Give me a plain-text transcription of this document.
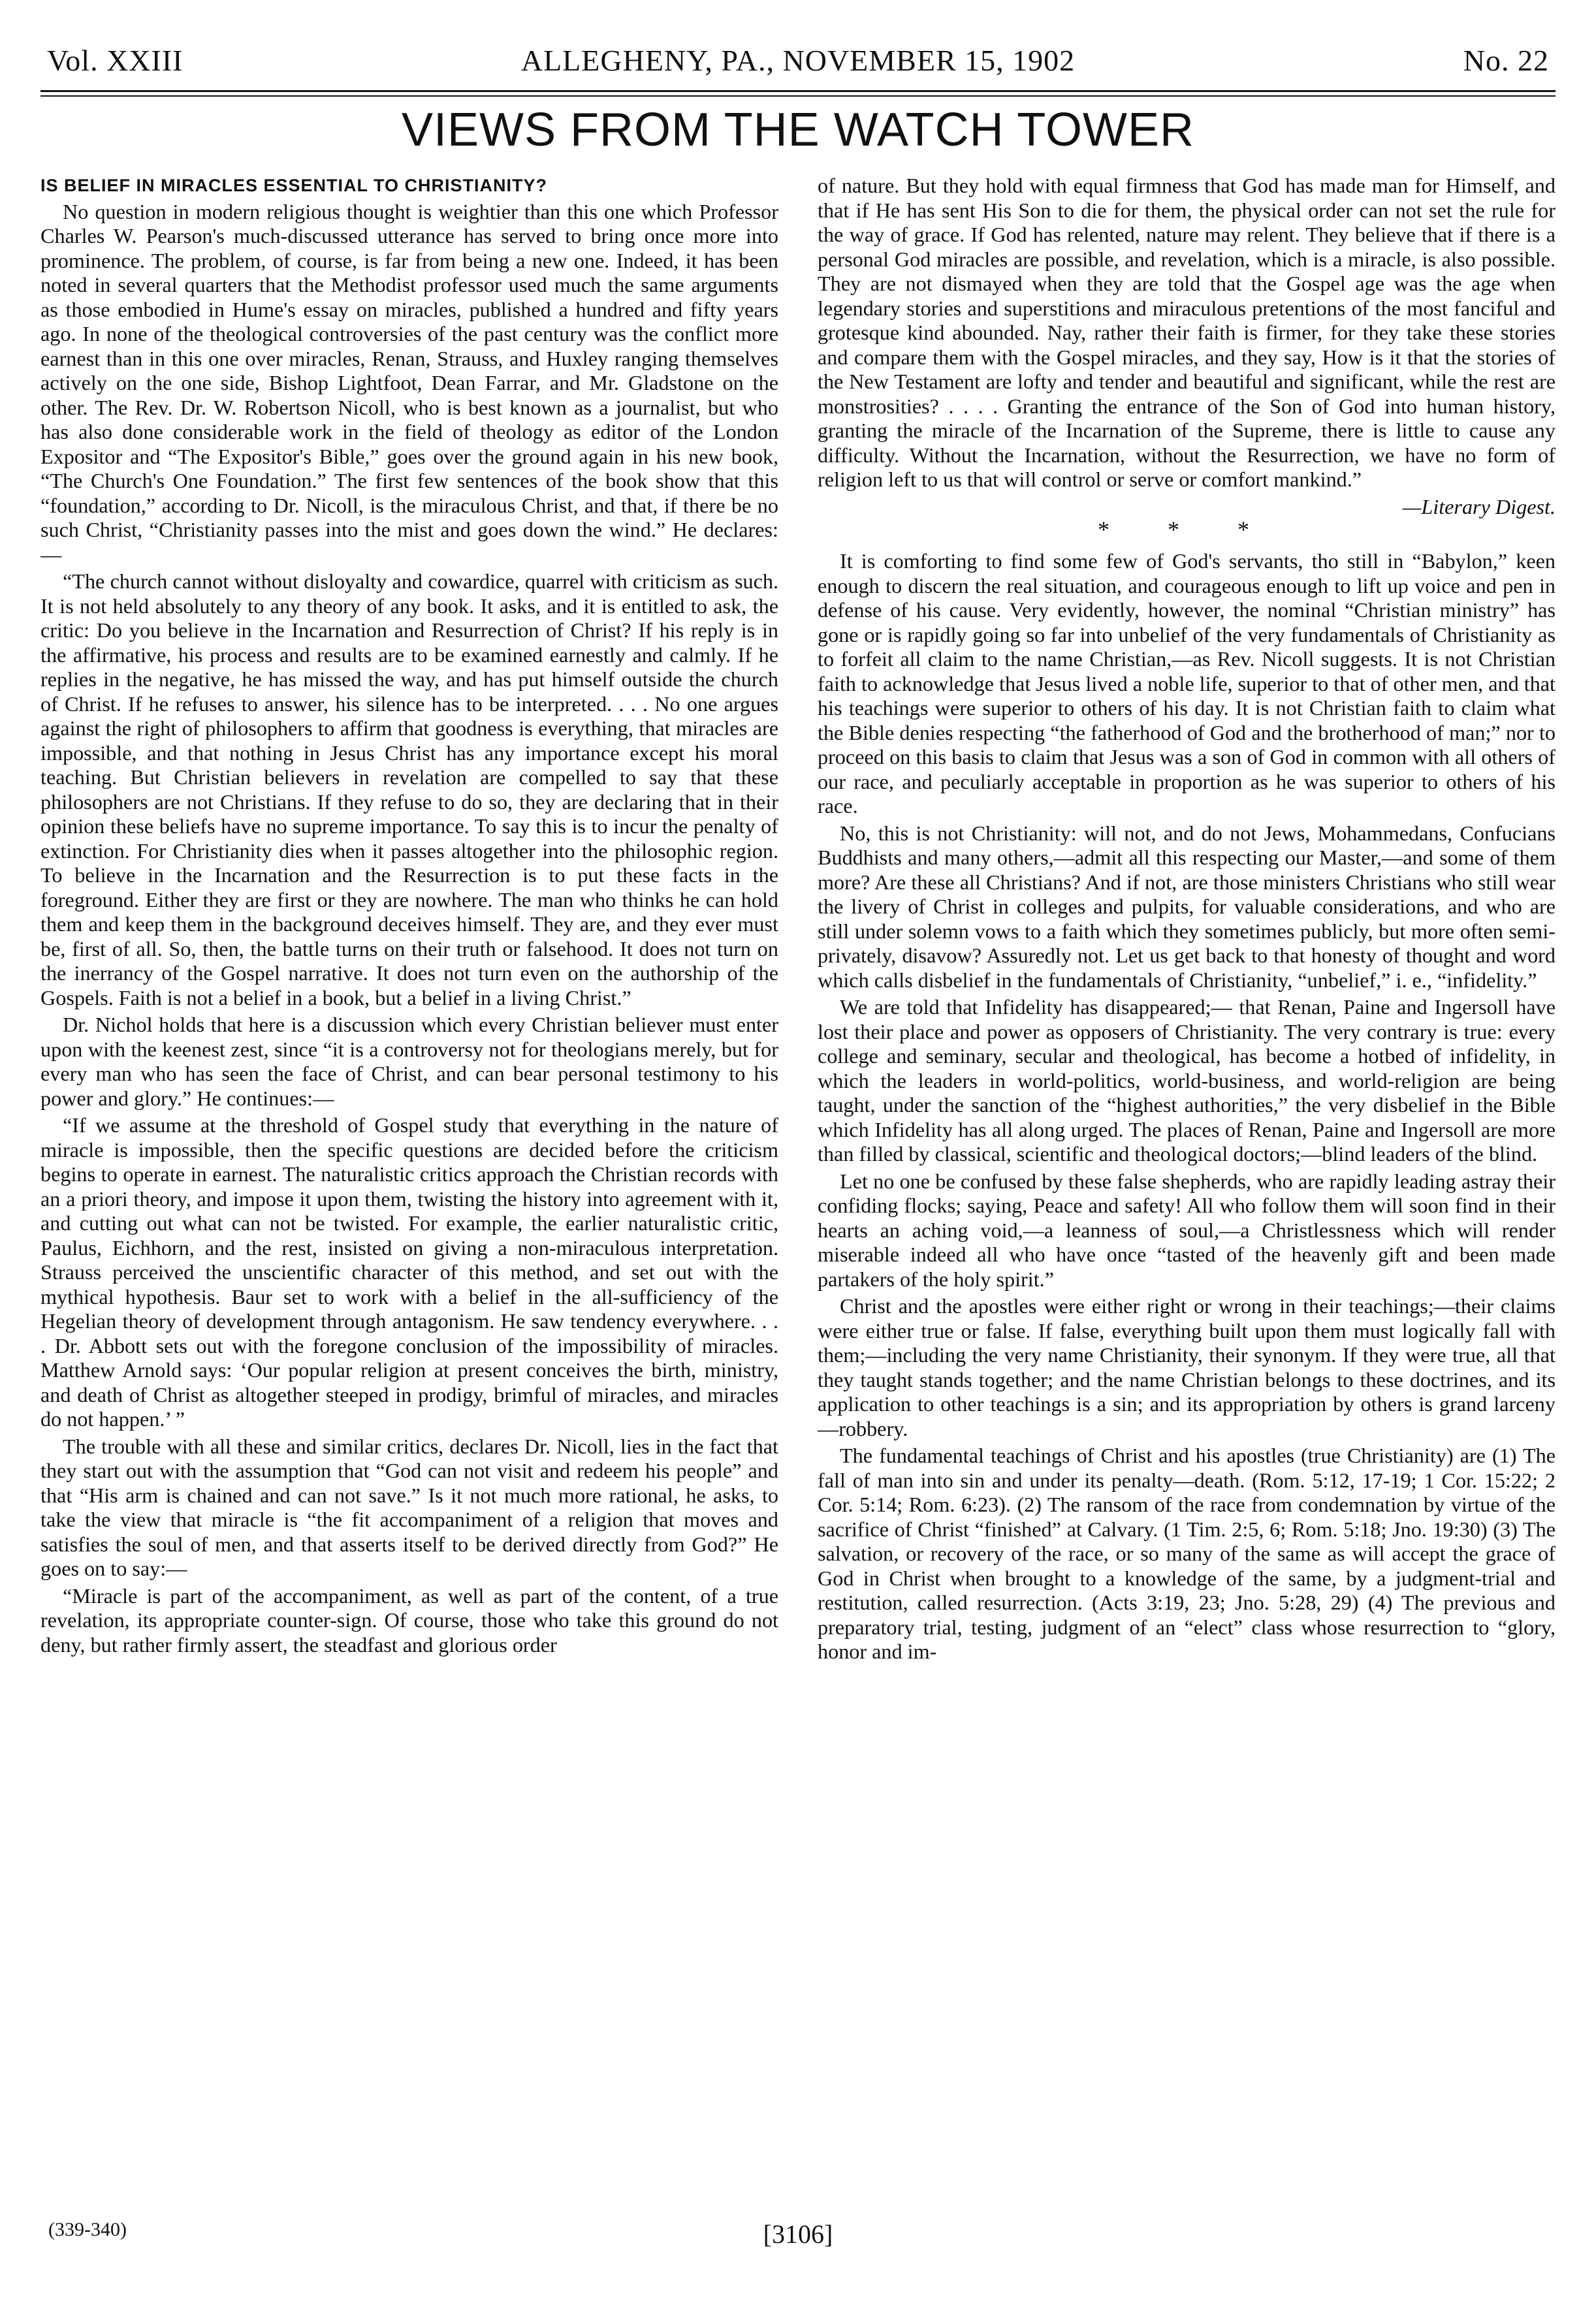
Vol. XXIII	ALLEGHENY, PA., NOVEMBER 15, 1902	No. 22
VIEWS FROM THE WATCH TOWER

IS BELIEF IN MIRACLES ESSENTIAL TO CHRISTIANITY?

No question in modern religious thought is weightier than this one which Professor Charles W. Pearson's much-discussed utterance has served to bring once more into prominence. The problem, of course, is far from being a new one. Indeed, it has been noted in several quarters that the Methodist professor used much the same arguments as those embodied in Hume's essay on miracles, published a hundred and fifty years ago. In none of the theological controversies of the past century was the conflict more earnest than in this one over miracles, Renan, Strauss, and Huxley ranging themselves actively on the one side, Bishop Lightfoot, Dean Farrar, and Mr. Gladstone on the other. The Rev. Dr. W. Robertson Nicoll, who is best known as a journalist, but who has also done considerable work in the field of theology as editor of the London Expositor and “The Expositor's Bible,” goes over the ground again in his new book, “The Church's One Foundation.” The first few sentences of the book show that this “foundation,” according to Dr. Nicoll, is the miraculous Christ, and that, if there be no such Christ, “Christianity passes into the mist and goes down the wind.” He declares:—

“The church cannot without disloyalty and cowardice, quarrel with criticism as such. It is not held absolutely to any theory of any book. It asks, and it is entitled to ask, the critic: Do you believe in the Incarnation and Resurrection of Christ? If his reply is in the affirmative, his process and results are to be examined earnestly and calmly. If he replies in the negative, he has missed the way, and has put himself outside the church of Christ. If he refuses to answer, his silence has to be interpreted. . . . No one argues against the right of philosophers to affirm that goodness is everything, that miracles are impossible, and that nothing in Jesus Christ has any importance except his moral teaching. But Christian believers in revelation are compelled to say that these philosophers are not Christians. If they refuse to do so, they are declaring that in their opinion these beliefs have no supreme importance. To say this is to incur the penalty of extinction. For Christianity dies when it passes altogether into the philosophic region. To believe in the Incarnation and the Resurrection is to put these facts in the foreground. Either they are first or they are nowhere. The man who thinks he can hold them and keep them in the background deceives himself. They are, and they ever must be, first of all. So, then, the battle turns on their truth or falsehood. It does not turn on the inerrancy of the Gospel narrative. It does not turn even on the authorship of the Gospels. Faith is not a belief in a book, but a belief in a living Christ.”

Dr. Nichol holds that here is a discussion which every Christian believer must enter upon with the keenest zest, since “it is a controversy not for theologians merely, but for every man who has seen the face of Christ, and can bear personal testimony to his power and glory.” He continues:—

“If we assume at the threshold of Gospel study that everything in the nature of miracle is impossible, then the specific questions are decided before the criticism begins to operate in earnest. The naturalistic critics approach the Christian records with an a priori theory, and impose it upon them, twisting the history into agreement with it, and cutting out what can not be twisted. For example, the earlier naturalistic critic, Paulus, Eichhorn, and the rest, insisted on giving a non-miraculous interpretation. Strauss perceived the unscientific character of this method, and set out with the mythical hypothesis. Baur set to work with a belief in the all-sufficiency of the Hegelian theory of development through antagonism. He saw tendency everywhere. . . . Dr. Abbott sets out with the foregone conclusion of the impossibility of miracles. Matthew Arnold says: ‘Our popular religion at present conceives the birth, ministry, and death of Christ as altogether steeped in prodigy, brimful of miracles, and miracles do not happen.’ ”

The trouble with all these and similar critics, declares Dr. Nicoll, lies in the fact that they start out with the assumption that “God can not visit and redeem his people” and that “His arm is chained and can not save.” Is it not much more rational, he asks, to take the view that miracle is “the fit accompaniment of a religion that moves and satisfies the soul of men, and that asserts itself to be derived directly from God?” He goes on to say:—

“Miracle is part of the accompaniment, as well as part of the content, of a true revelation, its appropriate counter-sign. Of course, those who take this ground do not deny, but rather firmly assert, the steadfast and glorious order

of nature. But they hold with equal firmness that God has made man for Himself, and that if He has sent His Son to die for them, the physical order can not set the rule for the way of grace. If God has relented, nature may relent. They believe that if there is a personal God miracles are possible, and revelation, which is a miracle, is also possible. They are not dismayed when they are told that the Gospel age was the age when legendary stories and superstitions and miraculous pretentions of the most fanciful and grotesque kind abounded. Nay, rather their faith is firmer, for they take these stories and compare them with the Gospel miracles, and they say, How is it that the stories of the New Testament are lofty and tender and beautiful and significant, while the rest are monstrosities? . . . . Granting the entrance of the Son of God into human history, granting the miracle of the Incarnation of the Supreme, there is little to cause any difficulty. Without the Incarnation, without the Resurrection, we have no form of religion left to us that will control or serve or comfort mankind.”

—Literary Digest.

* * *

It is comforting to find some few of God's servants, tho still in “Babylon,” keen enough to discern the real situation, and courageous enough to lift up voice and pen in defense of his cause. Very evidently, however, the nominal “Christian ministry” has gone or is rapidly going so far into unbelief of the very fundamentals of Christianity as to forfeit all claim to the name Christian,—as Rev. Nicoll suggests. It is not Christian faith to acknowledge that Jesus lived a noble life, superior to that of other men, and that his teachings were superior to others of his day. It is not Christian faith to claim what the Bible denies respecting “the fatherhood of God and the brotherhood of man;” nor to proceed on this basis to claim that Jesus was a son of God in common with all others of our race, and peculiarly acceptable in proportion as he was superior to others of his race.

No, this is not Christianity: will not, and do not Jews, Mohammedans, Confucians Buddhists and many others,—admit all this respecting our Master,—and some of them more? Are these all Christians? And if not, are those ministers Christians who still wear the livery of Christ in colleges and pulpits, for valuable considerations, and who are still under solemn vows to a faith which they sometimes publicly, but more often semi-privately, disavow? Assuredly not. Let us get back to that honesty of thought and word which calls disbelief in the fundamentals of Christianity, “unbelief,” i. e., “infidelity.”

We are told that Infidelity has disappeared;— that Renan, Paine and Ingersoll have lost their place and power as opposers of Christianity. The very contrary is true: every college and seminary, secular and theological, has become a hotbed of infidelity, in which the leaders in world-politics, world-business, and world-religion are being taught, under the sanction of the “highest authorities,” the very disbelief in the Bible which Infidelity has all along urged. The places of Renan, Paine and Ingersoll are more than filled by classical, scientific and theological doctors;—blind leaders of the blind.

Let no one be confused by these false shepherds, who are rapidly leading astray their confiding flocks; saying, Peace and safety! All who follow them will soon find in their hearts an aching void,—a leanness of soul,—a Christlessness which will render miserable indeed all who have once “tasted of the heavenly gift and been made partakers of the holy spirit.”

Christ and the apostles were either right or wrong in their teachings;—their claims were either true or false. If false, everything built upon them must logically fall with them;—including the very name Christianity, their synonym. If they were true, all that they taught stands together; and the name Christian belongs to these doctrines, and its application to other teachings is a sin; and its appropriation by others is grand larceny—robbery.

The fundamental teachings of Christ and his apostles (true Christianity) are (1) The fall of man into sin and under its penalty—death. (Rom. 5:12, 17-19; 1 Cor. 15:22; 2 Cor. 5:14; Rom. 6:23). (2) The ransom of the race from condemnation by virtue of the sacrifice of Christ “finished” at Calvary. (1 Tim. 2:5, 6; Rom. 5:18; Jno. 19:30) (3) The salvation, or recovery of the race, or so many of the same as will accept the grace of God in Christ when brought to a knowledge of the same, by a judgment-trial and restitution, called resurrection. (Acts 3:19, 23; Jno. 5:28, 29) (4) The previous and preparatory trial, testing, judgment of an “elect” class whose resurrection to “glory, honor and im-

(339-340)	[3106]
